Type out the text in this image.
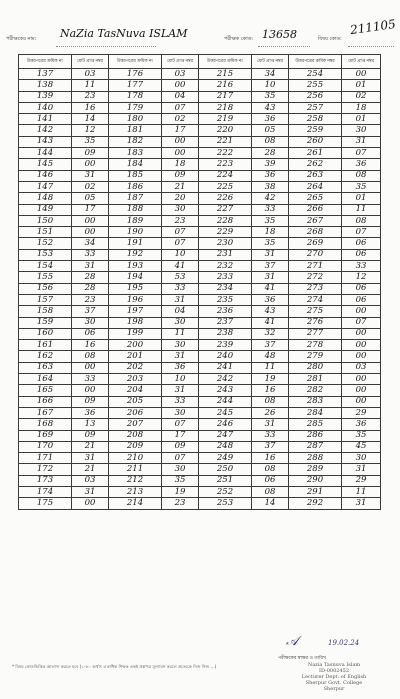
পরীক্ষকের নাম: NaZia TasNuva ISLAM	পরীক্ষক কোড: 13658	বিষয় কোড:
211105
উত্তরপত্রের ক্রমিক নং	মোট প্রাপ্ত নম্বর	উত্তরপত্রের ক্রমিক নং	মোট প্রাপ্ত নম্বর	উত্তরপত্রের ক্রমিক নং	মোট প্রাপ্ত নম্বর	উত্তরপত্রের ক্রমিক নম্বর	মোট প্রাপ্ত নম্বর
137	03	176	03	215	34	254	00
138	11	177	00	216	10	255	01
139	23	178	04	217	35	256	02
140	16	179	07	218	43	257	18
141	14	180	02	219	36	258	01
142	12	181	17	220	05	259	30
143	35	182	00	221	08	260	31
144	09	183	00	222	28	261	07
145	00	184	18	223	39	262	36
146	31	185	09	224	36	263	08
147	02	186	21	225	38	264	35
148	05	187	20	226	42	265	01
149	17	188	30	227	33	266	11
150	00	189	23	228	35	267	08
151	00	190	07	229	18	268	07
152	34	191	07	230	35	269	06
153	33	192	10	231	31	270	06
154	31	193	41	232	37	271	33
155	28	194	53	233	31	272	12
156	28	195	33	234	41	273	06
157	23	196	31	235	36	274	06
158	37	197	04	236	43	275	00
159	30	198	30	237	41	276	07
160	06	199	11	238	32	277	00
161	16	200	30	239	37	278	00
162	08	201	31	240	48	279	00
163	00	202	36	241	11	280	03
164	33	203	10	242	19	281	00
165	00	204	31	243	16	282	00
166	09	205	33	244	08	283	00
167	36	206	30	245	26	284	29
168	13	207	07	246	31	285	36
169	09	208	17	247	33	286	35
170	21	209	09	248	37	287	45
171	31	210	07	249	16	288	30
172	21	211	30	250	08	289	31
173	03	212	35	251	06	290	29
174	31	213	19	252	08	291	11
175	00	214	23	253	14	292	31
* বিষয় কোডভিত্তিক আলাদা করতে হবে (১-৫০ অর্থাৎ একাধিক শিক্ষক একই প্রশ্নপত্র মূল্যায়ন করলে প্রত্যেকে নিজ নিজ ...)
𝒜	19.02.24
পরীক্ষকের স্বাক্ষর ও তারিখ
Nazia Tasnuva Islam
ID-0002452
Lecturer Dept. of English
Sherpur Govt. College
Sherpur
